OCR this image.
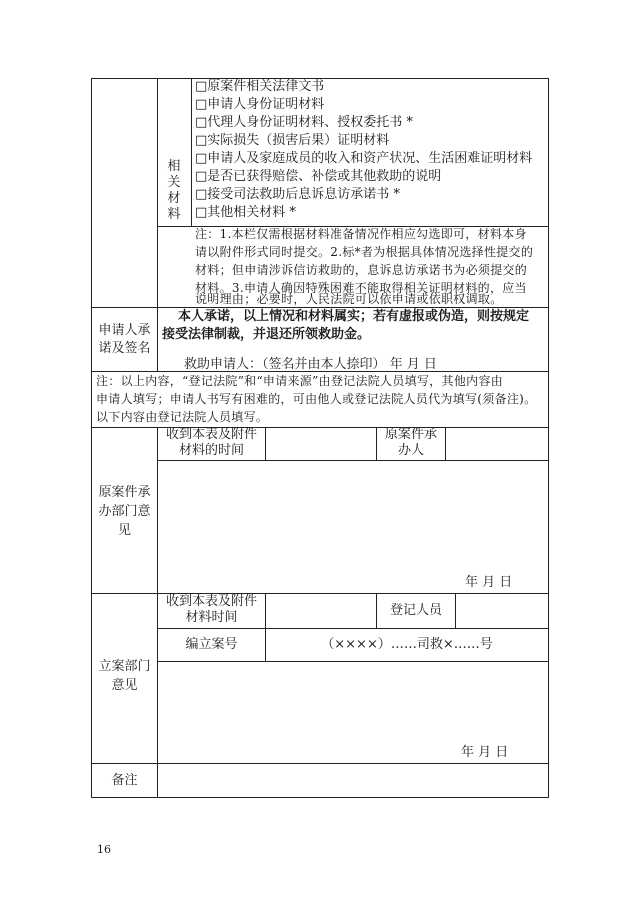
相关材料
□原案件相关法律文书
□申请人身份证明材料
□代理人身份证明材料、授权委托书 *
□实际损失（损害后果）证明材料
□申请人及家庭成员的收入和资产状况、生活困难证明材料
□是否已获得赔偿、补偿或其他救助的说明
□接受司法救助后息诉息访承诺书 *
□其他相关材料 *
注：1.本栏仅需根据材料准备情况作相应勾选即可，材料本身
请以附件形式同时提交。2.标*者为根据具体情况选择性提交的
材料；但申请涉诉信访救助的，息诉息访承诺书为必须提交的
材料。3.申请人确因特殊困难不能取得相关证明材料的，应当
说明理由；必要时，人民法院可以依申请或依职权调取。
申请人承
诺及签名
本人承诺，以上情况和材料属实；若有虚报或伪造，则按规定
接受法律制裁，并退还所领救助金。
救助申请人：（签名并由本人捺印） 年 月 日
注：以上内容，“登记法院”和“申请来源”由登记法院人员填写，其他内容由
申请人填写；申请人书写有困难的，可由他人或登记法院人员代为填写(须备注)。
以下内容由登记法院人员填写。
原案件承
办部门意
见
收到本表及附件
材料的时间
原案件承
办人
年 月 日
立案部门
意见
收到本表及附件
材料时间	登记人员
编立案号	（××××）……司救×……号
年 月 日
备注
16
